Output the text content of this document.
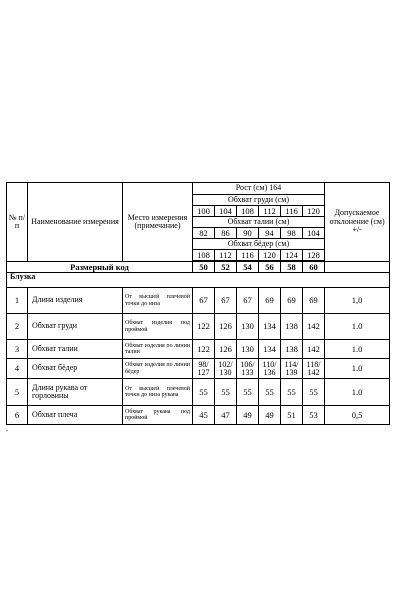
№ п/ п	Наименование измерения	Место измерения (примечание)	Рост (см) 164						Допускаемое отклонение (см) +/-
			Обхват груди (см)						
			100	104	108	112	116	120	
			Обхват талии (см)						
			82	86	90	94	98	104	
			Обхват бёдер (см)						
			108	112	116	120	124	128	

Размерный код			50	52	54	56	58	60	
Блузка									
1	Длина изделия	От высшей плечевой точки до низа	67	67	67	69	69	69	1,0
2	Обхват груди	Обхват изделия под проймой	122	126	130	134	138	142	1.0
3	Обхват талии	Обхват изделия по линии талии	122	126	130	134	138	142	1.0
4	Обхват бёдер	Обхват изделия по линии бёдер	98/ 127	102/ 130	106/ 133	110/ 136	114/ 139	118/ 142	1.0
5	Длина рукава от горловины	От высшей плечевой точки до низа рукава	55	55	55	55	55	55	1.0
6	Обхват плеча	Обхват рукава под проймой	45	47	49	49	51	53	0,5
.
